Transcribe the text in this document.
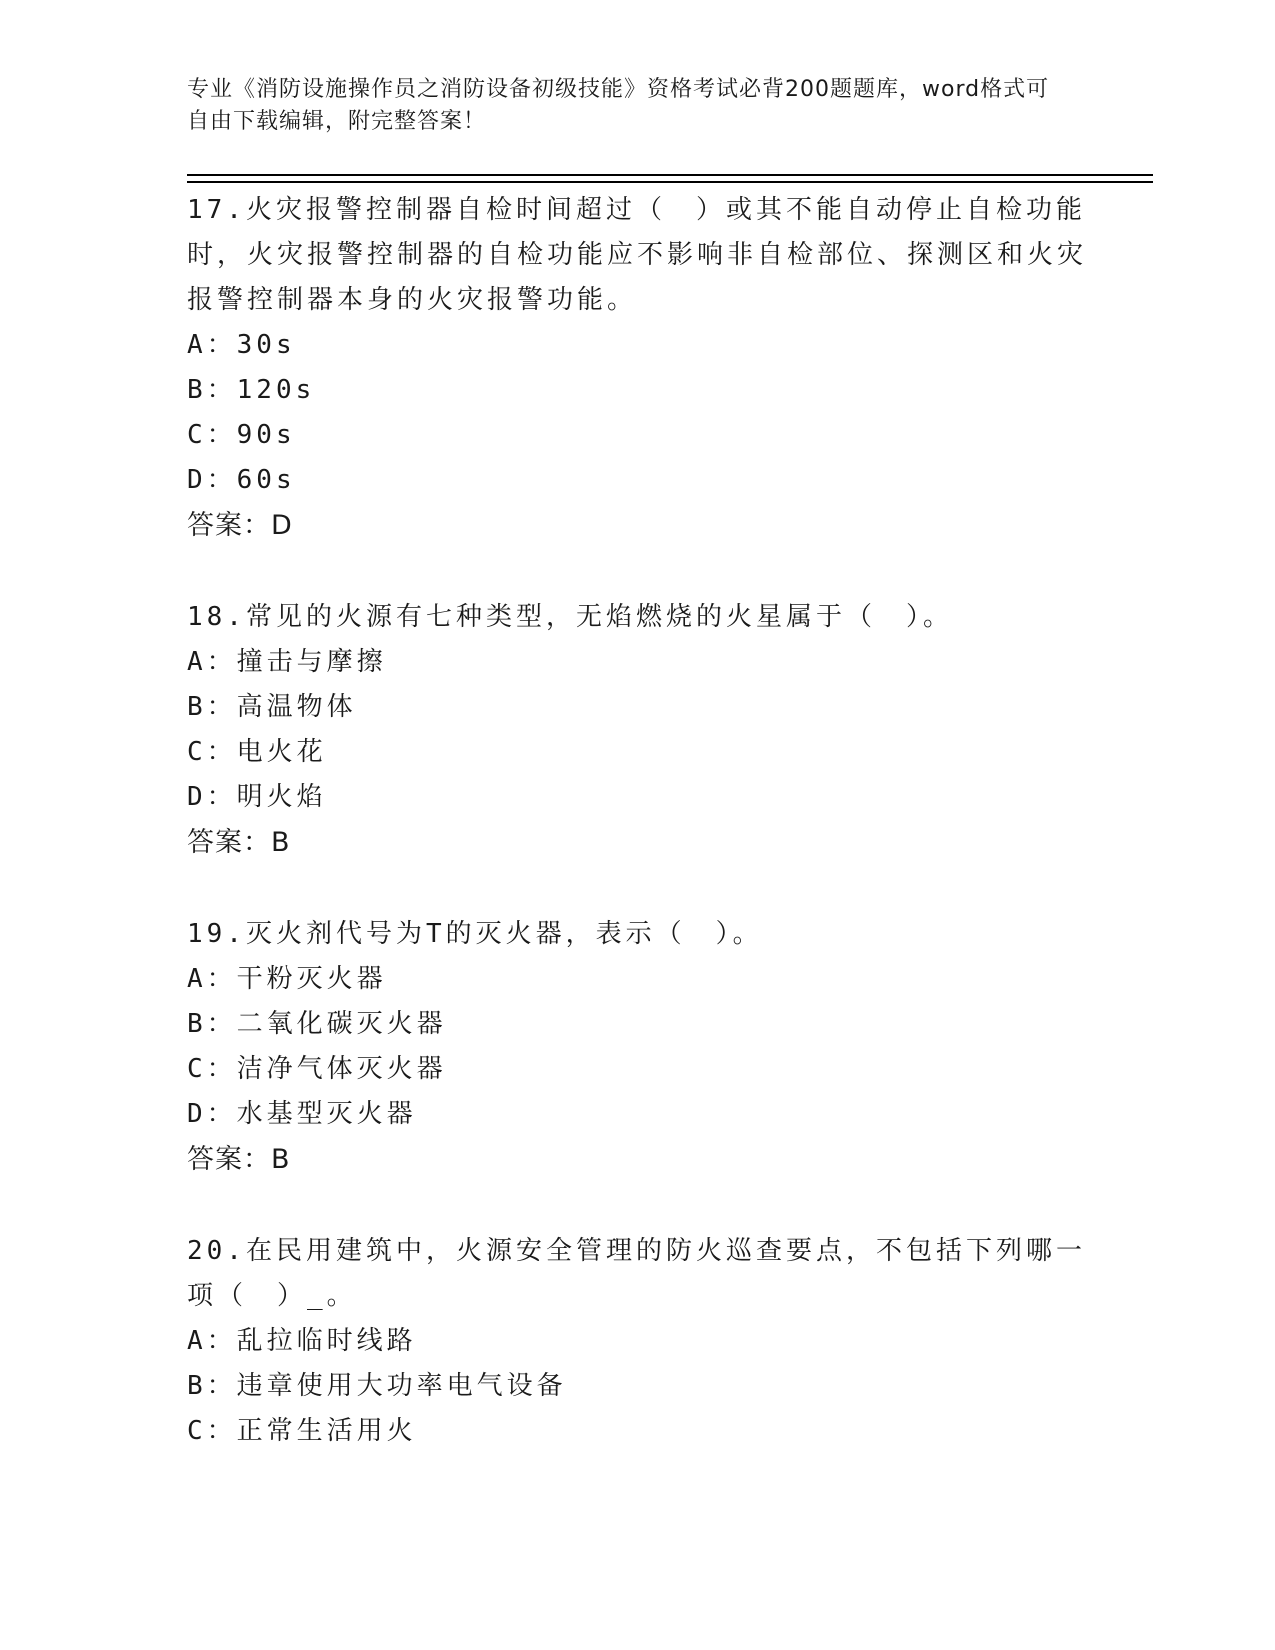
专业《消防设施操作员之消防设备初级技能》资格考试必背200题题库，word格式可自由下载编辑，附完整答案！
17.火灾报警控制器自检时间超过（　）或其不能自动停止自检功能时，火灾报警控制器的自检功能应不影响非自检部位、探测区和火灾报警控制器本身的火灾报警功能。
A：30s
B：120s
C：90s
D：60s
答案：D
18.常见的火源有七种类型，无焰燃烧的火星属于（　）。
A：撞击与摩擦
B：高温物体
C：电火花
D：明火焰
答案：B
19.灭火剂代号为T的灭火器，表示（　）。
A：干粉灭火器
B：二氧化碳灭火器
C：洁净气体灭火器
D：水基型灭火器
答案：B
20.在民用建筑中，火源安全管理的防火巡查要点，不包括下列哪一项（　）_。
A：乱拉临时线路
B：违章使用大功率电气设备
C：正常生活用火
